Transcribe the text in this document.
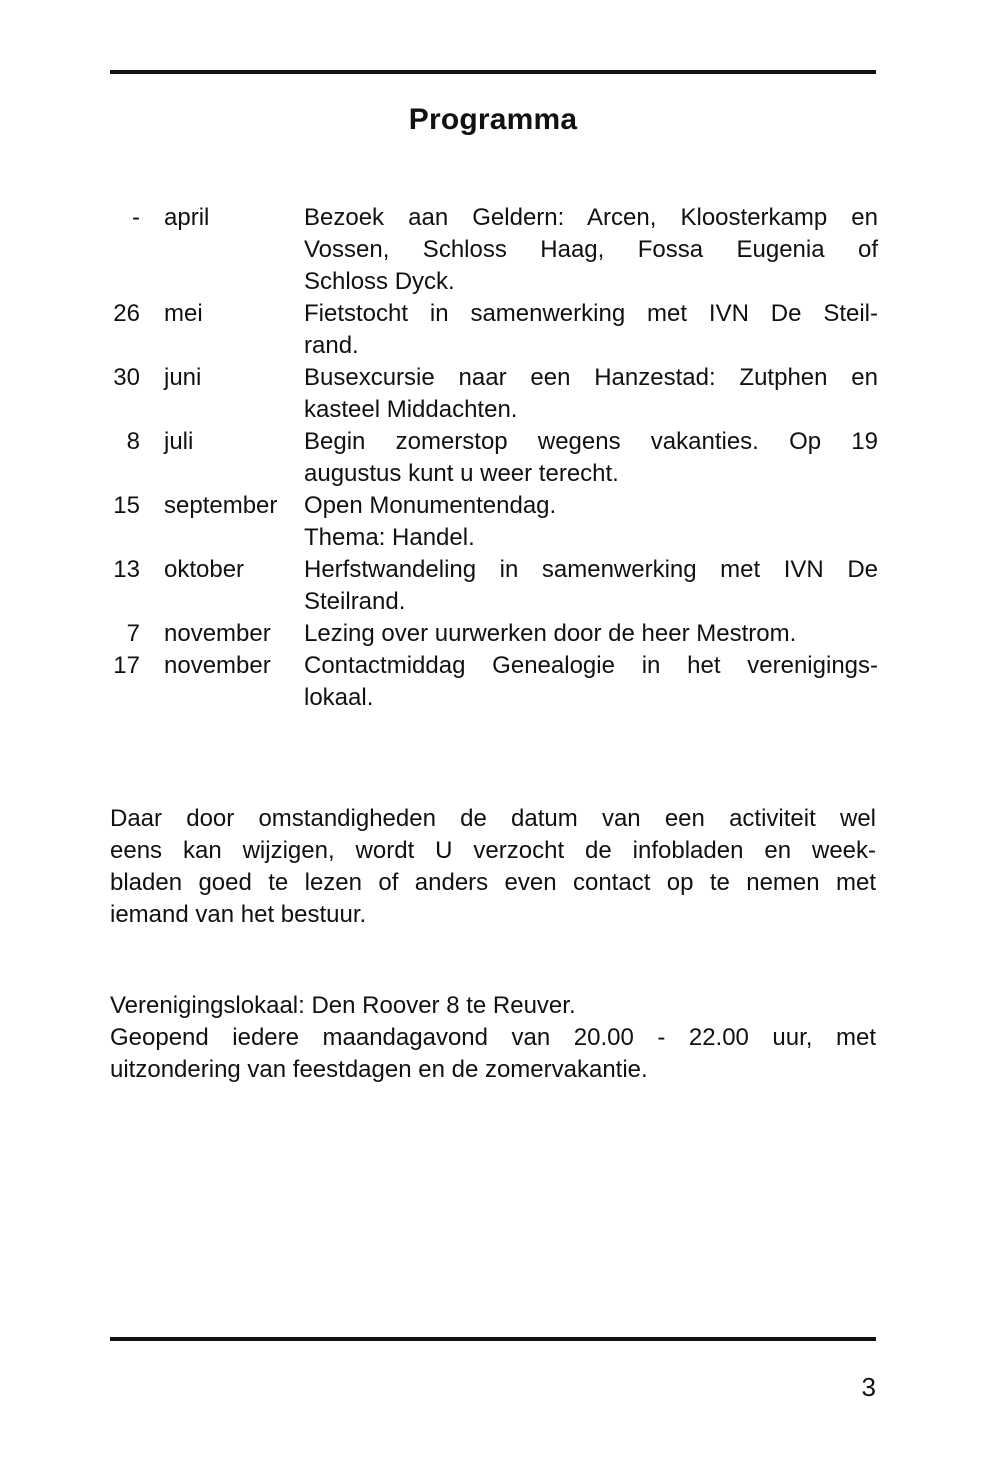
Programma
-	april	Bezoek aan Geldern: Arcen, Kloosterkamp en
Vossen, Schloss Haag, Fossa Eugenia of
Schloss Dyck.
26	mei	Fietstocht in samenwerking met IVN De Steil-
rand.
30	juni	Busexcursie naar een Hanzestad: Zutphen en
kasteel Middachten.
8	juli	Begin zomerstop wegens vakanties. Op 19
augustus kunt u weer terecht.
15	september	Open Monumentendag.
Thema: Handel.
13	oktober	Herfstwandeling in samenwerking met IVN De
Steilrand.
7	november	Lezing over uurwerken door de heer Mestrom.
17	november	Contactmiddag Genealogie in het verenigings-
lokaal.
Daar door omstandigheden de datum van een activiteit wel
eens kan wijzigen, wordt U verzocht de infobladen en week-
bladen goed te lezen of anders even contact op te nemen met
iemand van het bestuur.
Verenigingslokaal: Den Roover 8 te Reuver.
Geopend iedere maandagavond van 20.00 - 22.00 uur, met
uitzondering van feestdagen en de zomervakantie.
3
